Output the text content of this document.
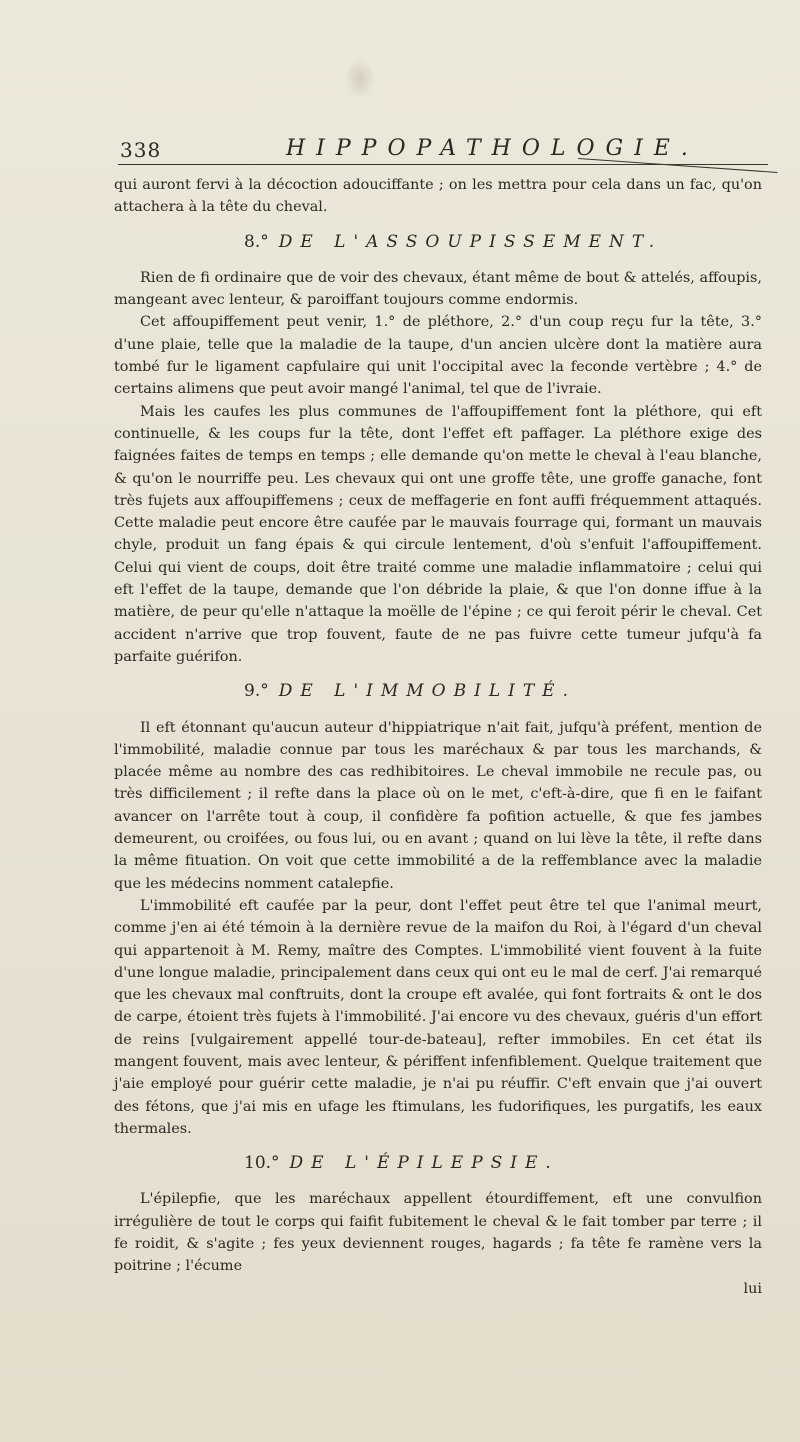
338	HIPPOPATHOLOGIE.

qui auront fervi à la décoction adouciffante ; on les mettra pour cela dans un fac, qu'on attachera à la tête du cheval.

8.° DE L'ASSOUPISSEMENT.

Rien de fi ordinaire que de voir des chevaux, étant même de bout & attelés, affoupis, mangeant avec lenteur, & paroiffant toujours comme endormis.

Cet affoupiffement peut venir, 1.° de pléthore, 2.° d'un coup reçu fur la tête, 3.° d'une plaie, telle que la maladie de la taupe, d'un ancien ulcère dont la matière aura tombé fur le ligament capfulaire qui unit l'occipital avec la feconde vertèbre ; 4.° de certains alimens que peut avoir mangé l'animal, tel que de l'ivraie.

Mais les caufes les plus communes de l'affoupiffement font la pléthore, qui eft continuelle, & les coups fur la tête, dont l'effet eft paffager. La pléthore exige des faignées faites de temps en temps ; elle demande qu'on mette le cheval à l'eau blanche, & qu'on le nourriffe peu. Les chevaux qui ont une groffe tête, une groffe ganache, font très fujets aux affoupiffemens ; ceux de meffagerie en font auffi fréquemment attaqués. Cette maladie peut encore être caufée par le mauvais fourrage qui, formant un mauvais chyle, produit un fang épais & qui circule lentement, d'où s'enfuit l'affoupiffement. Celui qui vient de coups, doit être traité comme une maladie inflammatoire ; celui qui eft l'effet de la taupe, demande que l'on débride la plaie, & que l'on donne iffue à la matière, de peur qu'elle n'attaque la moëlle de l'épine ; ce qui feroit périr le cheval. Cet accident n'arrive que trop fouvent, faute de ne pas fuivre cette tumeur jufqu'à fa parfaite guérifon.

9.° DE L'IMMOBILITÉ.

Il eft étonnant qu'aucun auteur d'hippiatrique n'ait fait, jufqu'à préfent, mention de l'immobilité, maladie connue par tous les maréchaux & par tous les marchands, & placée même au nombre des cas redhibitoires. Le cheval immobile ne recule pas, ou très difficilement ; il refte dans la place où on le met, c'eft-à-dire, que fi en le faifant avancer on l'arrête tout à coup, il confidère fa pofition actuelle, & que fes jambes demeurent, ou croifées, ou fous lui, ou en avant ; quand on lui lève la tête, il refte dans la même fituation. On voit que cette immobilité a de la reffemblance avec la maladie que les médecins nomment catalepfie.

L'immobilité eft caufée par la peur, dont l'effet peut être tel que l'animal meurt, comme j'en ai été témoin à la dernière revue de la maifon du Roi, à l'égard d'un cheval qui appartenoit à M. Remy, maître des Comptes. L'immobilité vient fouvent à la fuite d'une longue maladie, principalement dans ceux qui ont eu le mal de cerf. J'ai remarqué que les chevaux mal conftruits, dont la croupe eft avalée, qui font fortraits & ont le dos de carpe, étoient très fujets à l'immobilité. J'ai encore vu des chevaux, guéris d'un effort de reins [vulgairement appellé tour-de-bateau], refter immobiles. En cet état ils mangent fouvent, mais avec lenteur, & périffent infenfiblement. Quelque traitement que j'aie employé pour guérir cette maladie, je n'ai pu réuffir. C'eft envain que j'ai ouvert des fétons, que j'ai mis en ufage les ftimulans, les fudorifiques, les purgatifs, les eaux thermales.

10.° DE L'ÉPILEPSIE.

L'épilepfie, que les maréchaux appellent étourdiffement, eft une convulfion irrégulière de tout le corps qui faifit fubitement le cheval & le fait tomber par terre ; il fe roidit, & s'agite ; fes yeux deviennent rouges, hagards ; fa tête fe ramène vers la poitrine ; l'écume

lui
